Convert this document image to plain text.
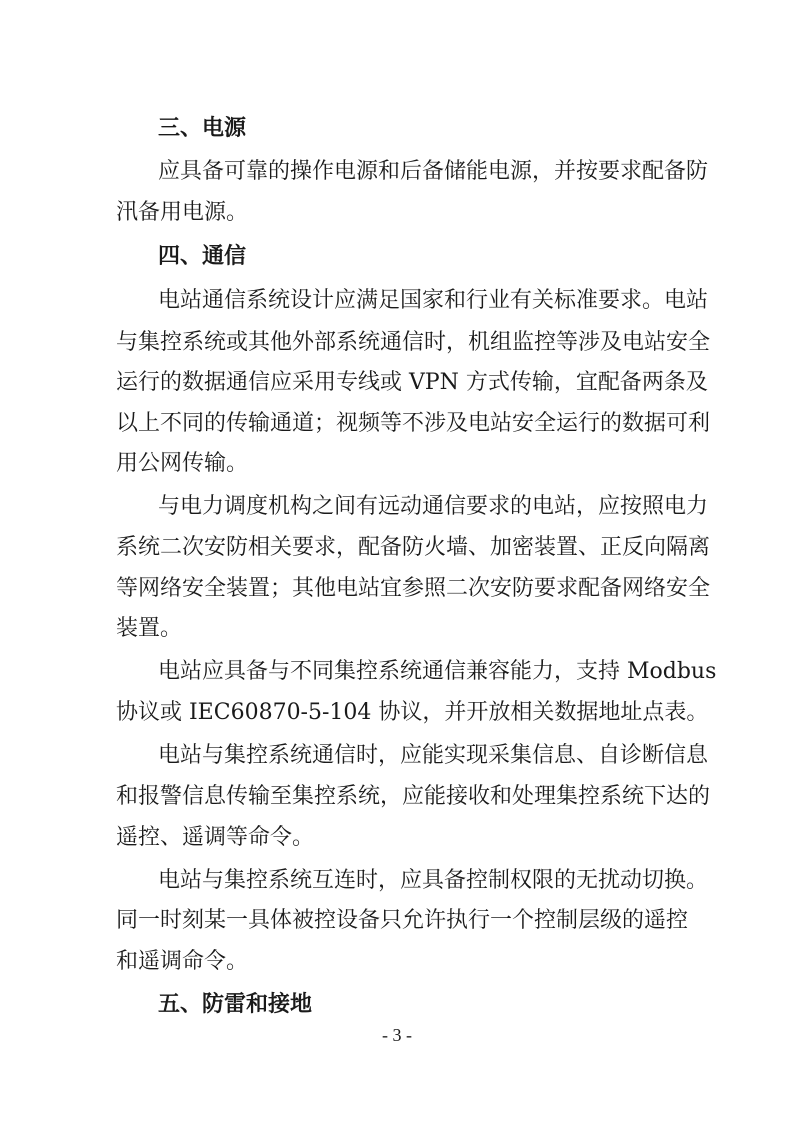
三、电源
应具备可靠的操作电源和后备储能电源，并按要求配备防
汛备用电源。
四、通信
电站通信系统设计应满足国家和行业有关标准要求。电站
与集控系统或其他外部系统通信时，机组监控等涉及电站安全
运行的数据通信应采用专线或 VPN 方式传输，宜配备两条及
以上不同的传输通道；视频等不涉及电站安全运行的数据可利
用公网传输。
与电力调度机构之间有远动通信要求的电站，应按照电力
系统二次安防相关要求，配备防火墙、加密装置、正反向隔离
等网络安全装置；其他电站宜参照二次安防要求配备网络安全
装置。
电站应具备与不同集控系统通信兼容能力，支持 Modbus
协议或 IEC60870-5-104 协议，并开放相关数据地址点表。
电站与集控系统通信时，应能实现采集信息、自诊断信息
和报警信息传输至集控系统，应能接收和处理集控系统下达的
遥控、遥调等命令。
电站与集控系统互连时，应具备控制权限的无扰动切换。
同一时刻某一具体被控设备只允许执行一个控制层级的遥控
和遥调命令。
五、防雷和接地
- 3 -
